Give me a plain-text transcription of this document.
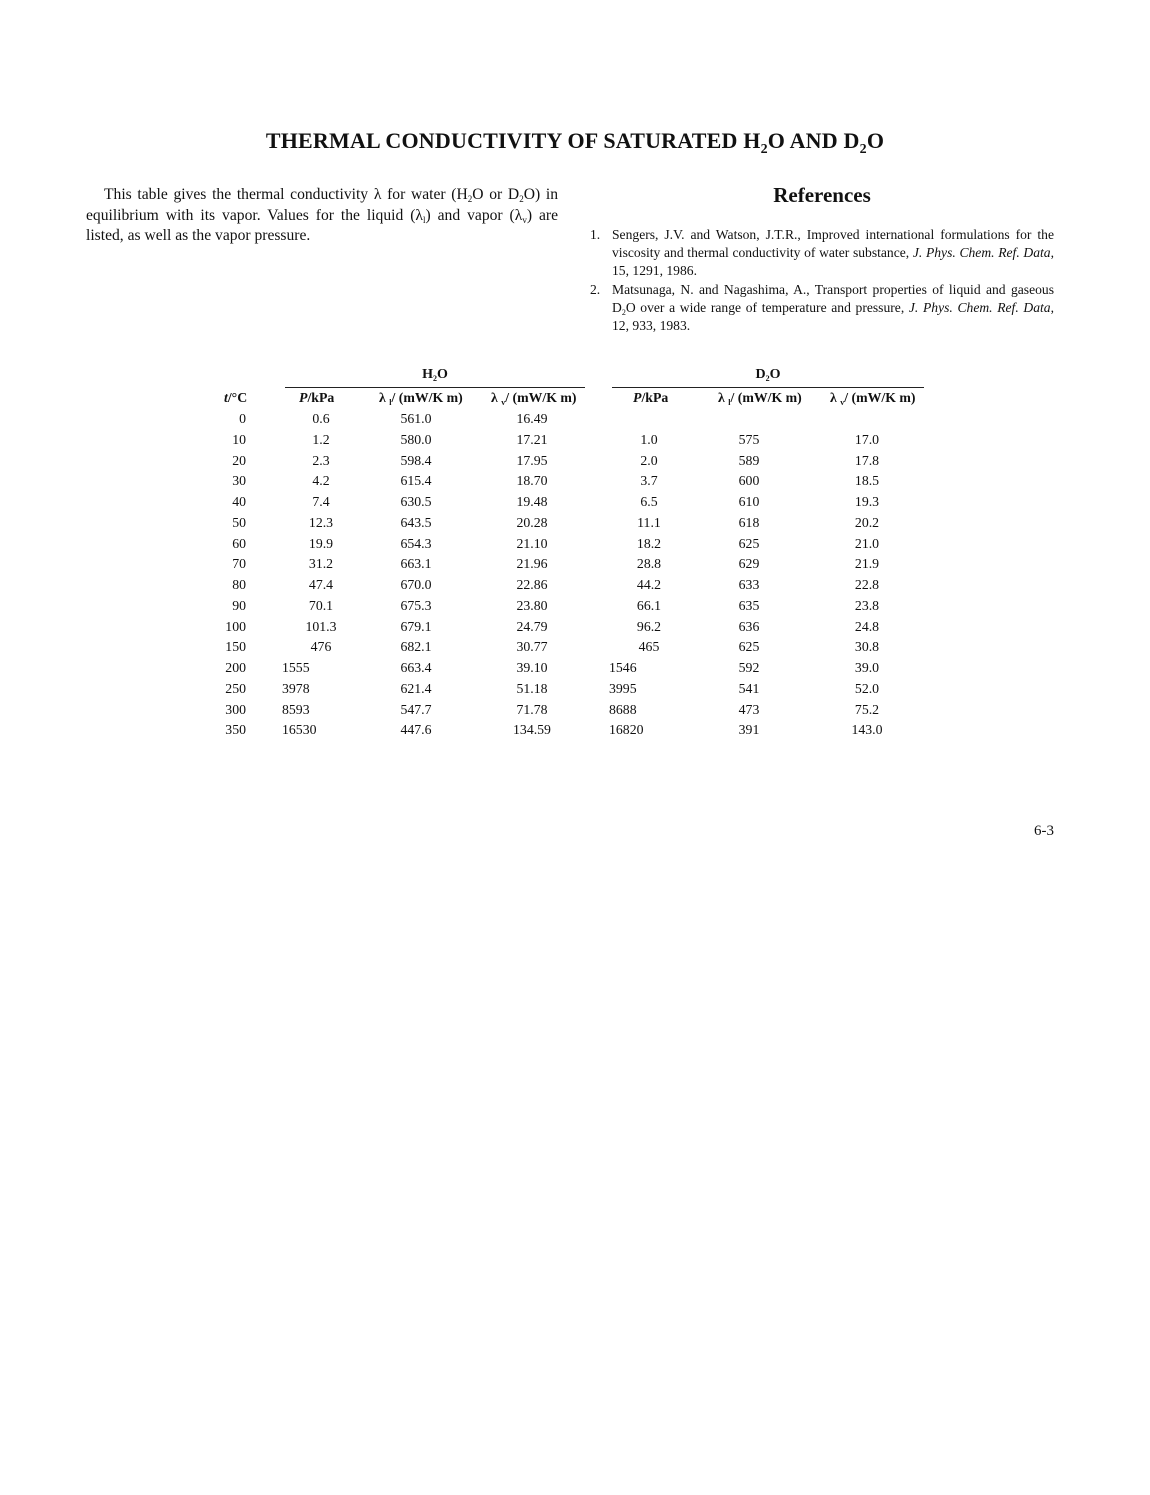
THERMAL CONDUCTIVITY OF SATURATED $H_2O$ AND $D_2O$

This table gives the thermal conductivity λ for water ($H_2O$ or $D_2O$) in equilibrium with its vapor. Values for the liquid $(\lambda_l)$ and vapor $(\lambda_v)$ are listed, as well as the vapor pressure.

References
1. Sengers, J.V. and Watson, J.T.R., Improved international formulations for the viscosity and thermal conductivity of water substance, J. Phys. Chem. Ref. Data, 15, 1291, 1986.
2. Matsunaga, N. and Nagashima, A., Transport properties of liquid and gaseous $D_2O$ over a wide range of temperature and pressure, J. Phys. Chem. Ref. Data, 12, 933, 1983.
$H_2O$	$D_2O$
t/°C	P/kPa	λ $_l$/ (mW/K m) λ $_v$/ (mW/K m)	P/kPa	λ $_l$/ (mW/K m) λ $_v$/ (mW/K m)
0	0.6	561.0	16.49
10	1.2	580.0	17.21	1.0	575	17.0
20	2.3	598.4	17.95	2.0	589	17.8
30	4.2	615.4	18.70	3.7	600	18.5
40	7.4	630.5	19.48	6.5	610	19.3
50	12.3	643.5	20.28	11.1	618	20.2
60	19.9	654.3	21.10	18.2	625	21.0
70	31.2	663.1	21.96	28.8	629	21.9
80	47.4	670.0	22.86	44.2	633	22.8
90	70.1	675.3	23.80	66.1	635	23.8
100	101.3	679.1	24.79	96.2	636	24.8
150	476	682.1	30.77	465	625	30.8
200	1555	663.4	39.10	1546	592	39.0
250	3978	621.4	51.18	3995	541	52.0
300	8593	547.7	71.78	8688	473	75.2
350	16530	447.6	134.59	16820	391	143.0
6-3
